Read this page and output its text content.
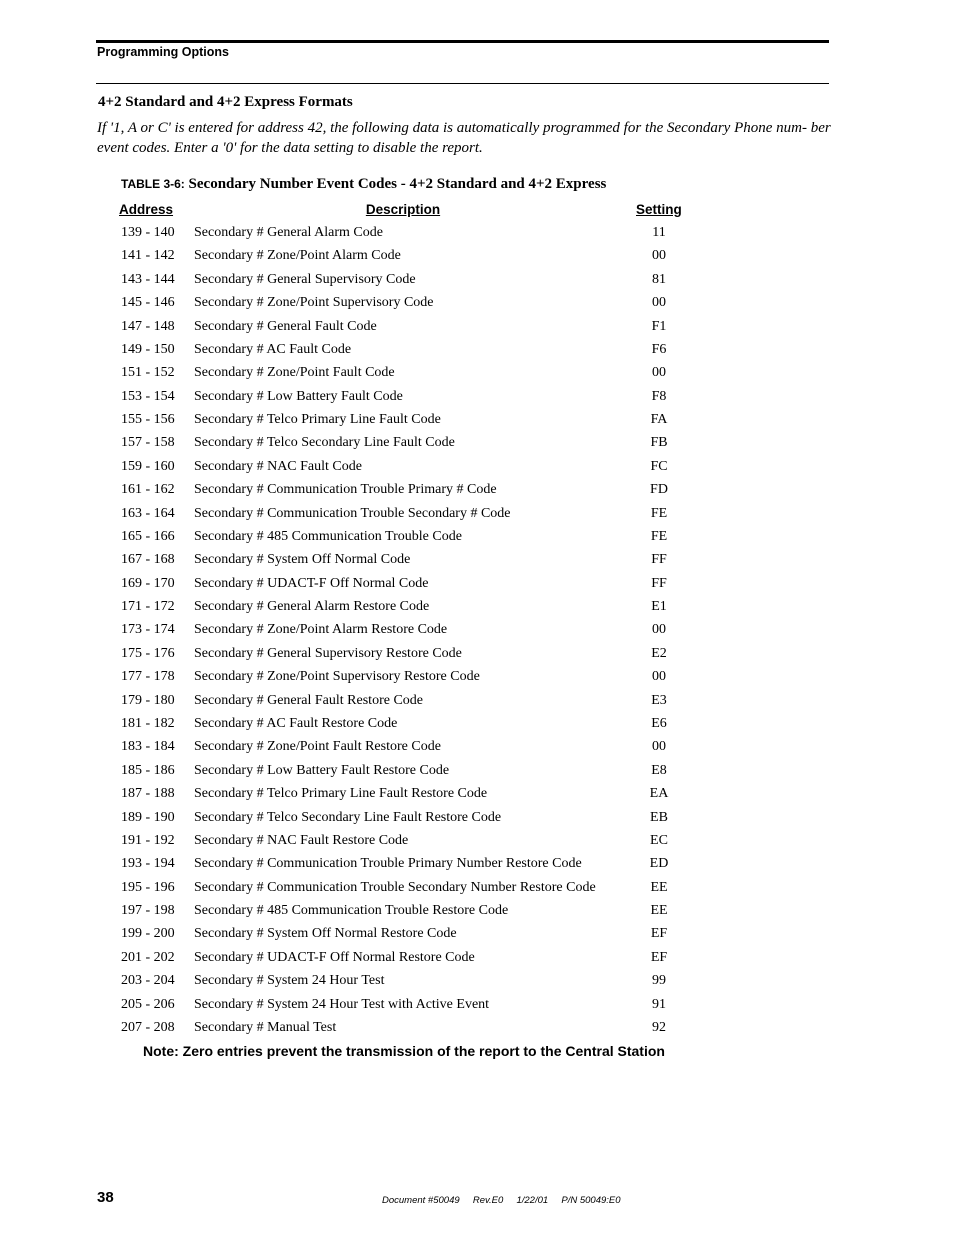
Programming Options
4+2 Standard and 4+2 Express Formats
If '1, A or C' is entered for address 42, the following data is automatically programmed for the Secondary Phone num- ber event codes. Enter a '0' for the data setting to disable the report.
TABLE 3-6: Secondary Number Event Codes - 4+2 Standard and 4+2 Express
Address	Description	Setting
139 - 140 Secondary # General Alarm Code	11
141 - 142 Secondary # Zone/Point Alarm Code	00
143 - 144 Secondary # General Supervisory Code	81
145 - 146 Secondary # Zone/Point Supervisory Code	00
147 - 148 Secondary # General Fault Code	F1
149 - 150 Secondary # AC Fault Code	F6
151 - 152 Secondary # Zone/Point Fault Code	00
153 - 154 Secondary # Low Battery Fault Code	F8
155 - 156 Secondary # Telco Primary Line Fault Code	FA
157 - 158 Secondary # Telco Secondary Line Fault Code	FB
159 - 160 Secondary # NAC Fault Code	FC
161 - 162 Secondary # Communication Trouble Primary # Code	FD
163 - 164 Secondary # Communication Trouble Secondary # Code	FE
165 - 166 Secondary # 485 Communication Trouble Code	FE
167 - 168 Secondary # System Off Normal Code	FF
169 - 170 Secondary # UDACT-F Off Normal Code	FF
171 - 172 Secondary # General Alarm Restore Code	E1
173 - 174 Secondary # Zone/Point Alarm Restore Code	00
175 - 176 Secondary # General Supervisory Restore Code	E2
177 - 178 Secondary # Zone/Point Supervisory Restore Code	00
179 - 180 Secondary # General Fault Restore Code	E3
181 - 182 Secondary # AC Fault Restore Code	E6
183 - 184 Secondary # Zone/Point Fault Restore Code	00
185 - 186 Secondary # Low Battery Fault Restore Code	E8
187 - 188 Secondary # Telco Primary Line Fault Restore Code	EA
189 - 190 Secondary # Telco Secondary Line Fault Restore Code	EB
191 - 192 Secondary # NAC Fault Restore Code	EC
193 - 194 Secondary # Communication Trouble Primary Number Restore Code	ED
195 - 196 Secondary # Communication Trouble Secondary Number Restore Code	EE
197 - 198 Secondary # 485 Communication Trouble Restore Code	EE
199 - 200 Secondary # System Off Normal Restore Code	EF
201 - 202 Secondary # UDACT-F Off Normal Restore Code	EF
203 - 204 Secondary # System 24 Hour Test	99
205 - 206 Secondary # System 24 Hour Test with Active Event	91
207 - 208 Secondary # Manual Test	92
Note: Zero entries prevent the transmission of the report to the Central Station
38	Document #50049     Rev.E0     1/22/01     P/N 50049:E0
